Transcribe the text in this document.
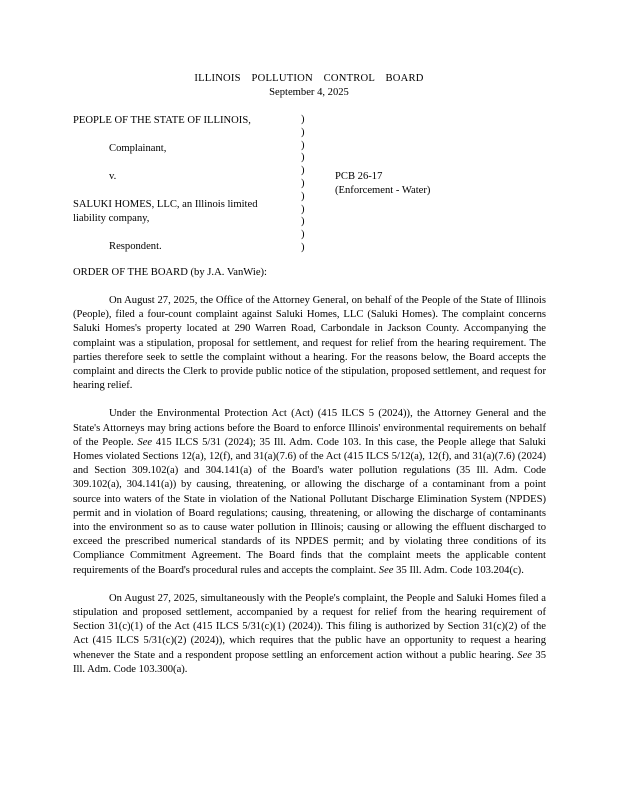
ILLINOIS POLLUTION CONTROL BOARD
September 4, 2025
PEOPLE OF THE STATE OF ILLINOIS,
Complainant,
v.
SALUKI HOMES, LLC, an Illinois limited
liability company,
Respondent.
)
)
)
)
)
)
)
)
)
)
)
PCB 26-17
(Enforcement - Water)
ORDER OF THE BOARD (by J.A. VanWie):

On August 27, 2025, the Office of the Attorney General, on behalf of the People of the State of Illinois (People), filed a four-count complaint against Saluki Homes, LLC (Saluki Homes). The complaint concerns Saluki Homes's property located at 290 Warren Road, Carbondale in Jackson County. Accompanying the complaint was a stipulation, proposal for settlement, and request for relief from the hearing requirement. The parties therefore seek to settle the complaint without a hearing. For the reasons below, the Board accepts the complaint and directs the Clerk to provide public notice of the stipulation, proposed settlement, and request for hearing relief.

Under the Environmental Protection Act (Act) (415 ILCS 5 (2024)), the Attorney General and the State's Attorneys may bring actions before the Board to enforce Illinois' environmental requirements on behalf of the People. See 415 ILCS 5/31 (2024); 35 Ill. Adm. Code 103. In this case, the People allege that Saluki Homes violated Sections 12(a), 12(f), and 31(a)(7.6) of the Act (415 ILCS 5/12(a), 12(f), and 31(a)(7.6) (2024) and Section 309.102(a) and 304.141(a) of the Board's water pollution regulations (35 Ill. Adm. Code 309.102(a), 304.141(a)) by causing, threatening, or allowing the discharge of a contaminant from a point source into waters of the State in violation of the National Pollutant Discharge Elimination System (NPDES) permit and in violation of Board regulations; causing, threatening, or allowing the discharge of contaminants into the environment so as to cause water pollution in Illinois; causing or allowing the effluent discharged to exceed the prescribed numerical standards of its NPDES permit; and by violating three conditions of its Compliance Commitment Agreement. The Board finds that the complaint meets the applicable content requirements of the Board's procedural rules and accepts the complaint. See 35 Ill. Adm. Code 103.204(c).

On August 27, 2025, simultaneously with the People's complaint, the People and Saluki Homes filed a stipulation and proposed settlement, accompanied by a request for relief from the hearing requirement of Section 31(c)(1) of the Act (415 ILCS 5/31(c)(1) (2024)). This filing is authorized by Section 31(c)(2) of the Act (415 ILCS 5/31(c)(2) (2024)), which requires that the public have an opportunity to request a hearing whenever the State and a respondent propose settling an enforcement action without a public hearing. See 35 Ill. Adm. Code 103.300(a).
